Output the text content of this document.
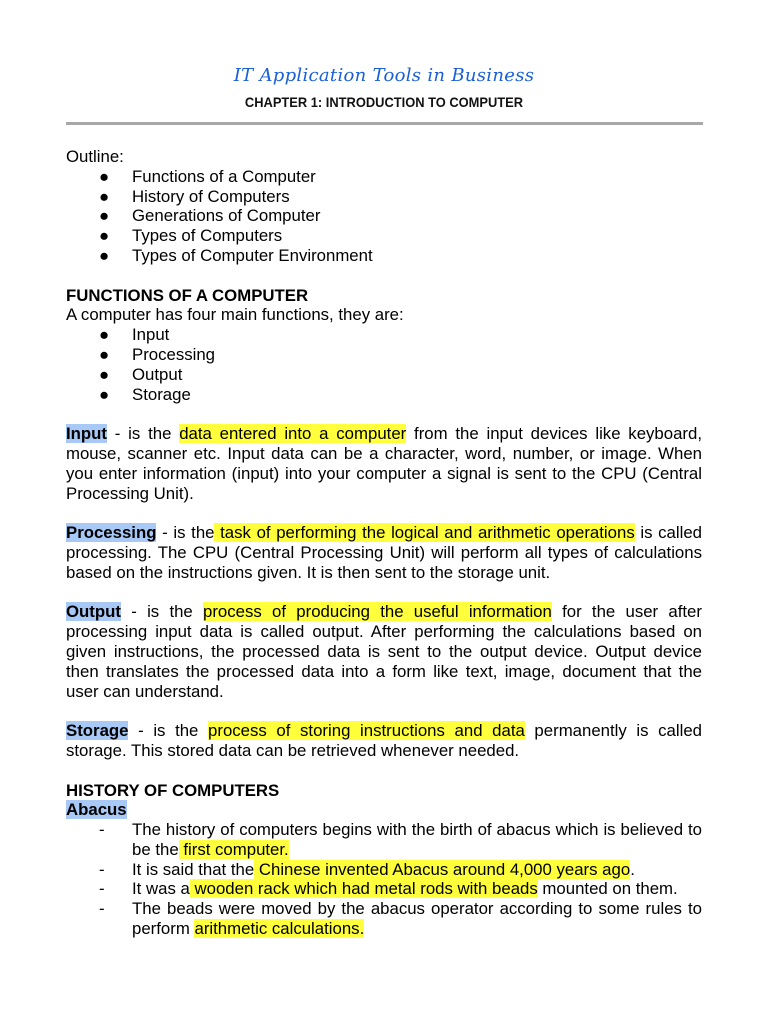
IT Application Tools in Business

CHAPTER 1: INTRODUCTION TO COMPUTER

Outline:

● Functions of a Computer
● History of Computers
● Generations of Computer
● Types of Computers
● Types of Computer Environment

FUNCTIONS OF A COMPUTER

A computer has four main functions, they are:

● Input
● Processing
● Output
● Storage

Input - is the data entered into a computer from the input devices like keyboard, mouse, scanner etc. Input data can be a character, word, number, or image. When you enter information (input) into your computer a signal is sent to the CPU (Central Processing Unit).

Processing - is the task of performing the logical and arithmetic operations is called processing. The CPU (Central Processing Unit) will perform all types of calculations based on the instructions given. It is then sent to the storage unit.

Output - is the process of producing the useful information for the user after processing input data is called output. After performing the calculations based on given instructions, the processed data is sent to the output device. Output device then translates the processed data into a form like text, image, document that the user can understand.

Storage - is the process of storing instructions and data permanently is called storage. This stored data can be retrieved whenever needed.

HISTORY OF COMPUTERS

Abacus

- The history of computers begins with the birth of abacus which is believed to be the first computer.
- It is said that the Chinese invented Abacus around 4,000 years ago.
- It was a wooden rack which had metal rods with beads mounted on them.
- The beads were moved by the abacus operator according to some rules to perform arithmetic calculations.
